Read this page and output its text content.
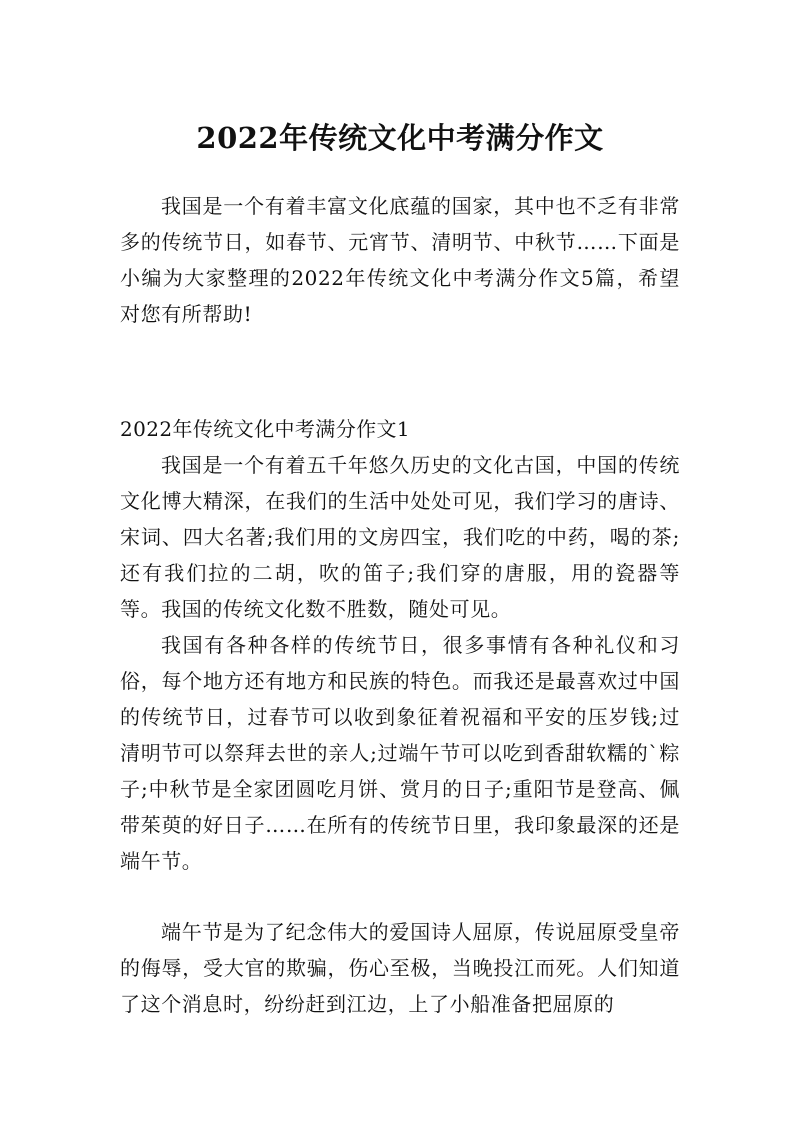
2022年传统文化中考满分作文

我国是一个有着丰富文化底蕴的国家，其中也不乏有非常多的传统节日，如春节、元宵节、清明节、中秋节……下面是小编为大家整理的2022年传统文化中考满分作文5篇，希望对您有所帮助!

2022年传统文化中考满分作文1

我国是一个有着五千年悠久历史的文化古国，中国的传统文化博大精深，在我们的生活中处处可见，我们学习的唐诗、宋词、四大名著;我们用的文房四宝，我们吃的中药，喝的茶;还有我们拉的二胡，吹的笛子;我们穿的唐服，用的瓷器等等。我国的传统文化数不胜数，随处可见。

我国有各种各样的传统节日，很多事情有各种礼仪和习俗，每个地方还有地方和民族的特色。而我还是最喜欢过中国的传统节日，过春节可以收到象征着祝福和平安的压岁钱;过清明节可以祭拜去世的亲人;过端午节可以吃到香甜软糯的`粽子;中秋节是全家团圆吃月饼、赏月的日子;重阳节是登高、佩带茱萸的好日子……在所有的传统节日里，我印象最深的还是端午节。

端午节是为了纪念伟大的爱国诗人屈原，传说屈原受皇帝的侮辱，受大官的欺骗，伤心至极，当晚投江而死。人们知道了这个消息时，纷纷赶到江边，上了小船准备把屈原的
